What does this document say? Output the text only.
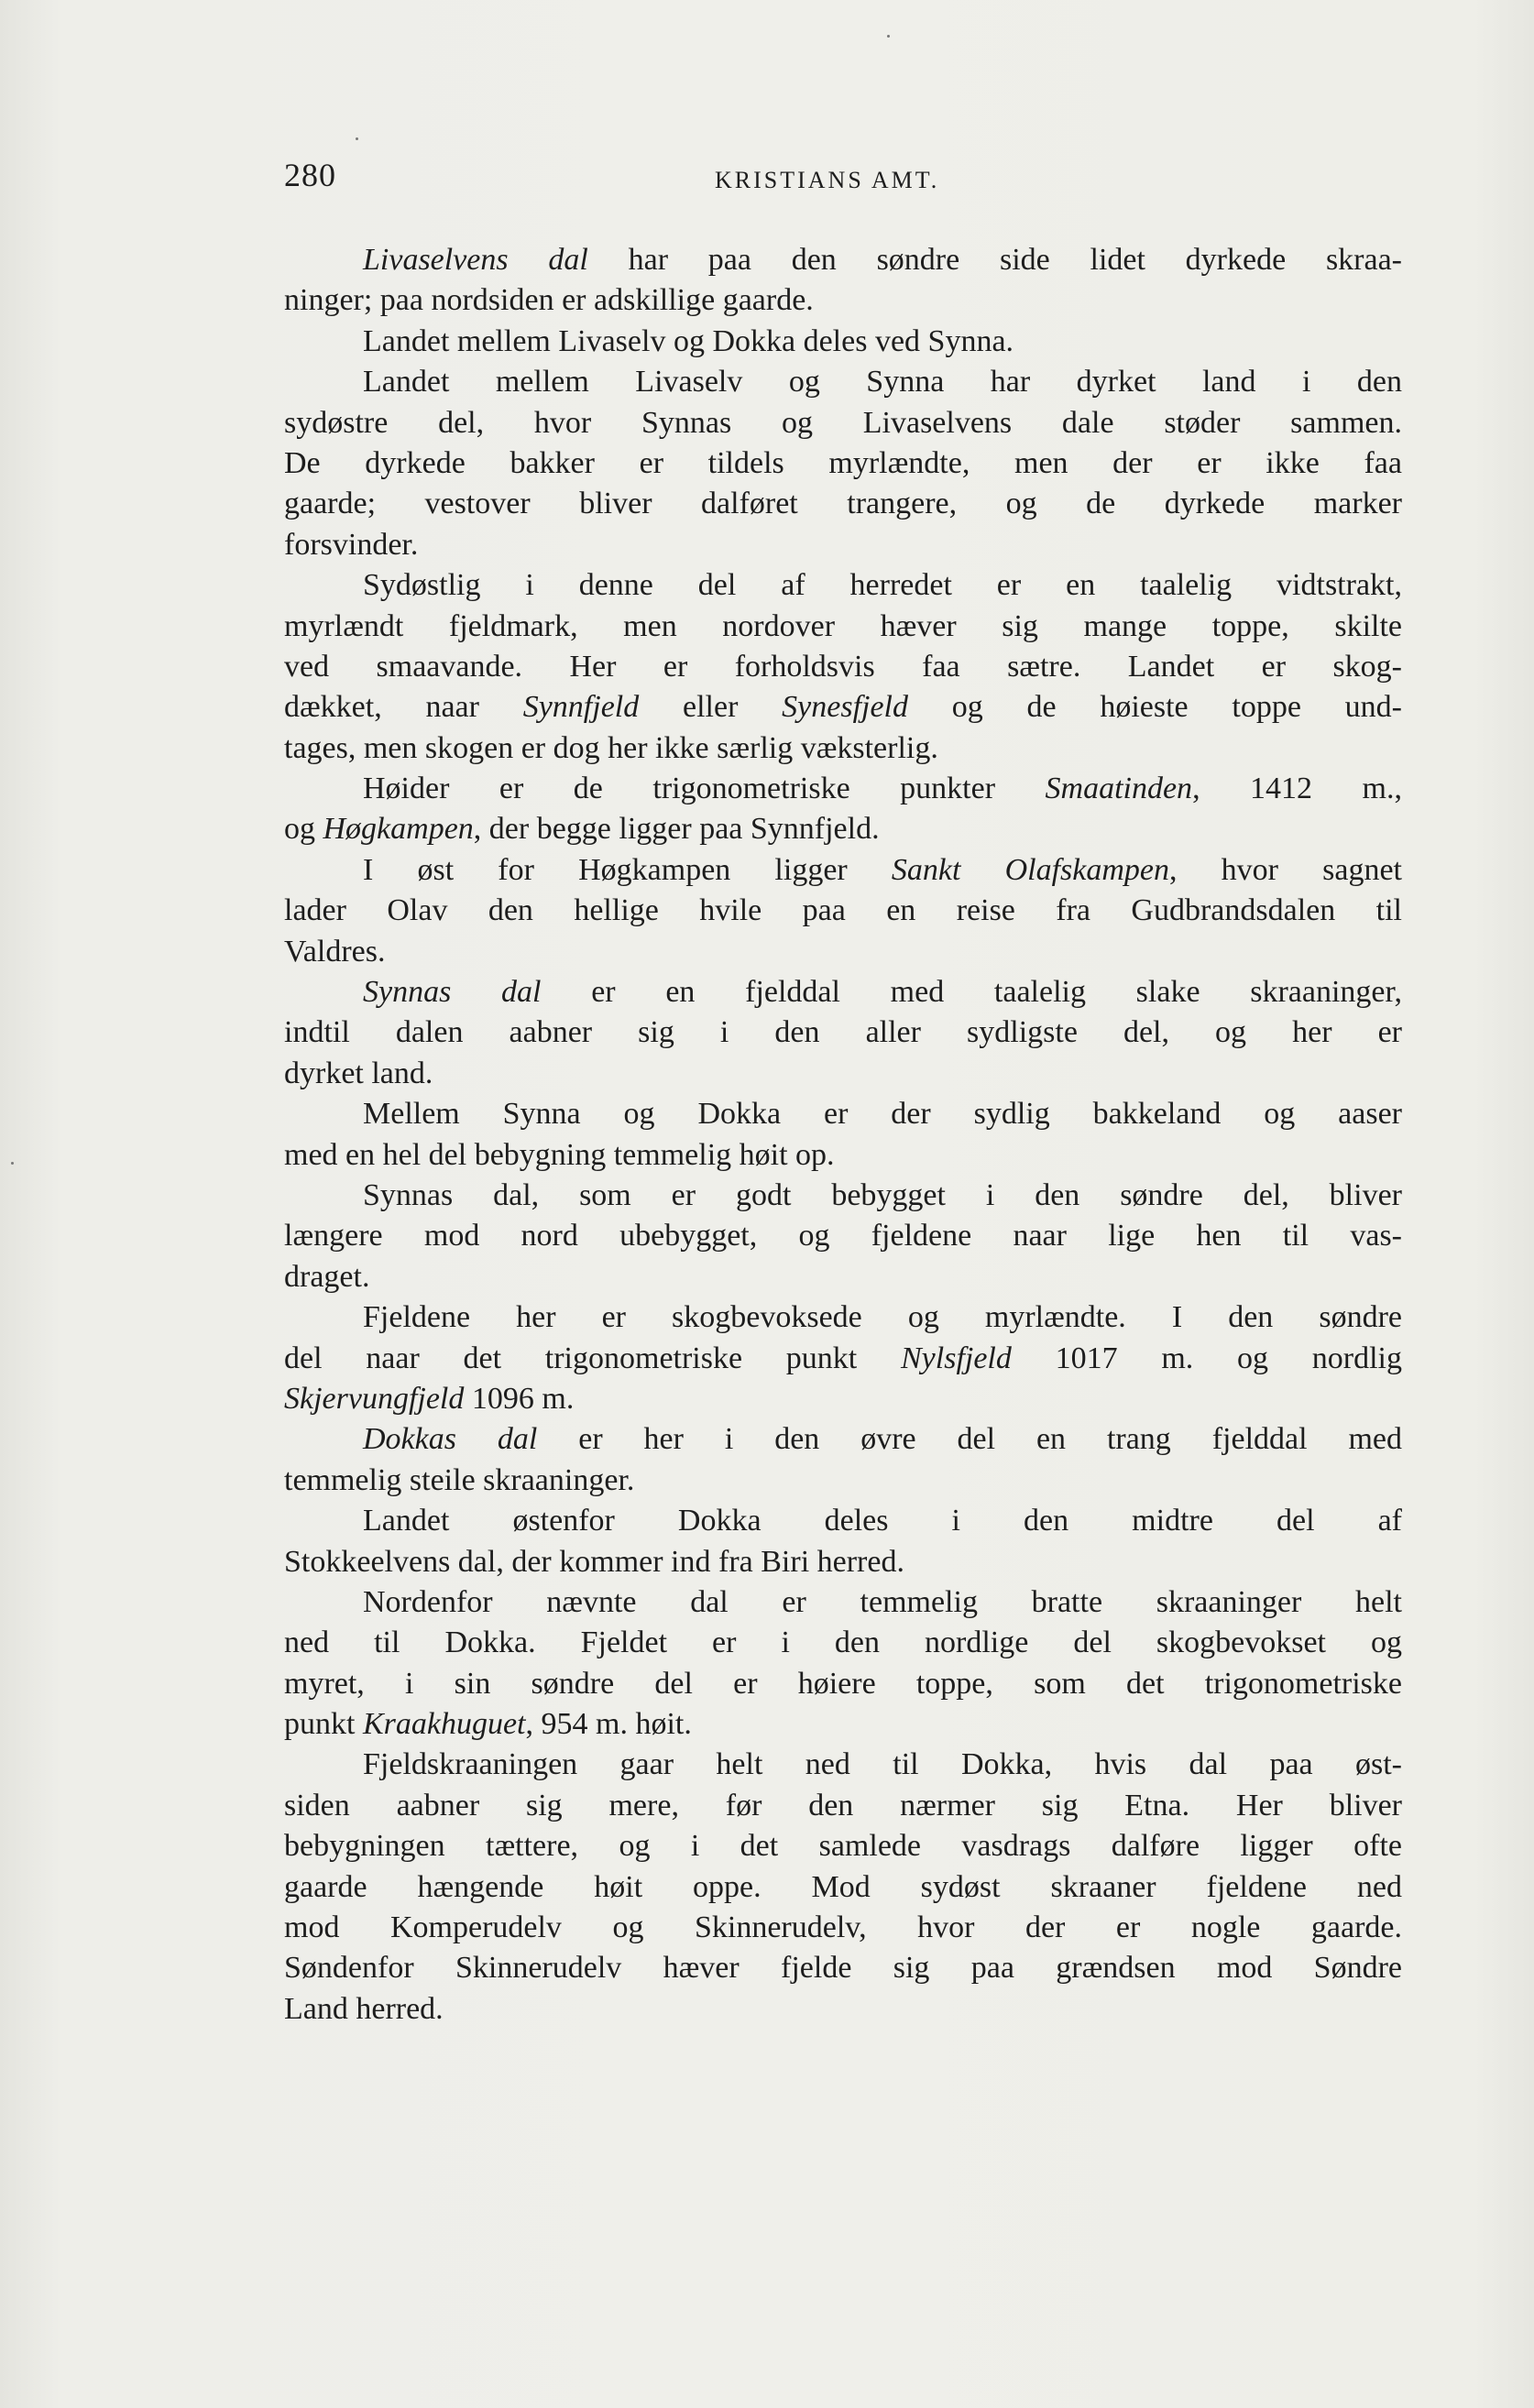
280	KRISTIANS AMT.
Livaselvens dal har paa den søndre side lidet dyrkede skraa-
ninger; paa nordsiden er adskillige gaarde.
Landet mellem Livaselv og Dokka deles ved Synna.
Landet mellem Livaselv og Synna har dyrket land i den
sydøstre del, hvor Synnas og Livaselvens dale støder sammen.
De dyrkede bakker er tildels myrlændte, men der er ikke faa
gaarde; vestover bliver dalføret trangere, og de dyrkede marker
forsvinder.
Sydøstlig i denne del af herredet er en taalelig vidtstrakt,
myrlændt fjeldmark, men nordover hæver sig mange toppe, skilte
ved smaavande. Her er forholdsvis faa sætre. Landet er skog-
dækket, naar Synnfjeld eller Synesfjeld og de høieste toppe und-
tages, men skogen er dog her ikke særlig væksterlig.
Høider er de trigonometriske punkter Smaatinden, 1412 m.,
og Høgkampen, der begge ligger paa Synnfjeld.
I øst for Høgkampen ligger Sankt Olafskampen, hvor sagnet
lader Olav den hellige hvile paa en reise fra Gudbrandsdalen til
Valdres.
Synnas dal er en fjelddal med taalelig slake skraaninger,
indtil dalen aabner sig i den aller sydligste del, og her er
dyrket land.
Mellem Synna og Dokka er der sydlig bakkeland og aaser
med en hel del bebygning temmelig høit op.
Synnas dal, som er godt bebygget i den søndre del, bliver
længere mod nord ubebygget, og fjeldene naar lige hen til vas-
draget.
Fjeldene her er skogbevoksede og myrlændte. I den søndre
del naar det trigonometriske punkt Nylsfjeld 1017 m. og nordlig
Skjervungfjeld 1096 m.
Dokkas dal er her i den øvre del en trang fjelddal med
temmelig steile skraaninger.
Landet østenfor Dokka deles i den midtre del af
Stokkeelvens dal, der kommer ind fra Biri herred.
Nordenfor nævnte dal er temmelig bratte skraaninger helt
ned til Dokka. Fjeldet er i den nordlige del skogbevokset og
myret, i sin søndre del er høiere toppe, som det trigonometriske
punkt Kraakhuguet, 954 m. høit.
Fjeldskraaningen gaar helt ned til Dokka, hvis dal paa øst-
siden aabner sig mere, før den nærmer sig Etna. Her bliver
bebygningen tættere, og i det samlede vasdrags dalføre ligger ofte
gaarde hængende høit oppe. Mod sydøst skraaner fjeldene ned
mod Komperudelv og Skinnerudelv, hvor der er nogle gaarde.
Søndenfor Skinnerudelv hæver fjelde sig paa grændsen mod Søndre
Land herred.
